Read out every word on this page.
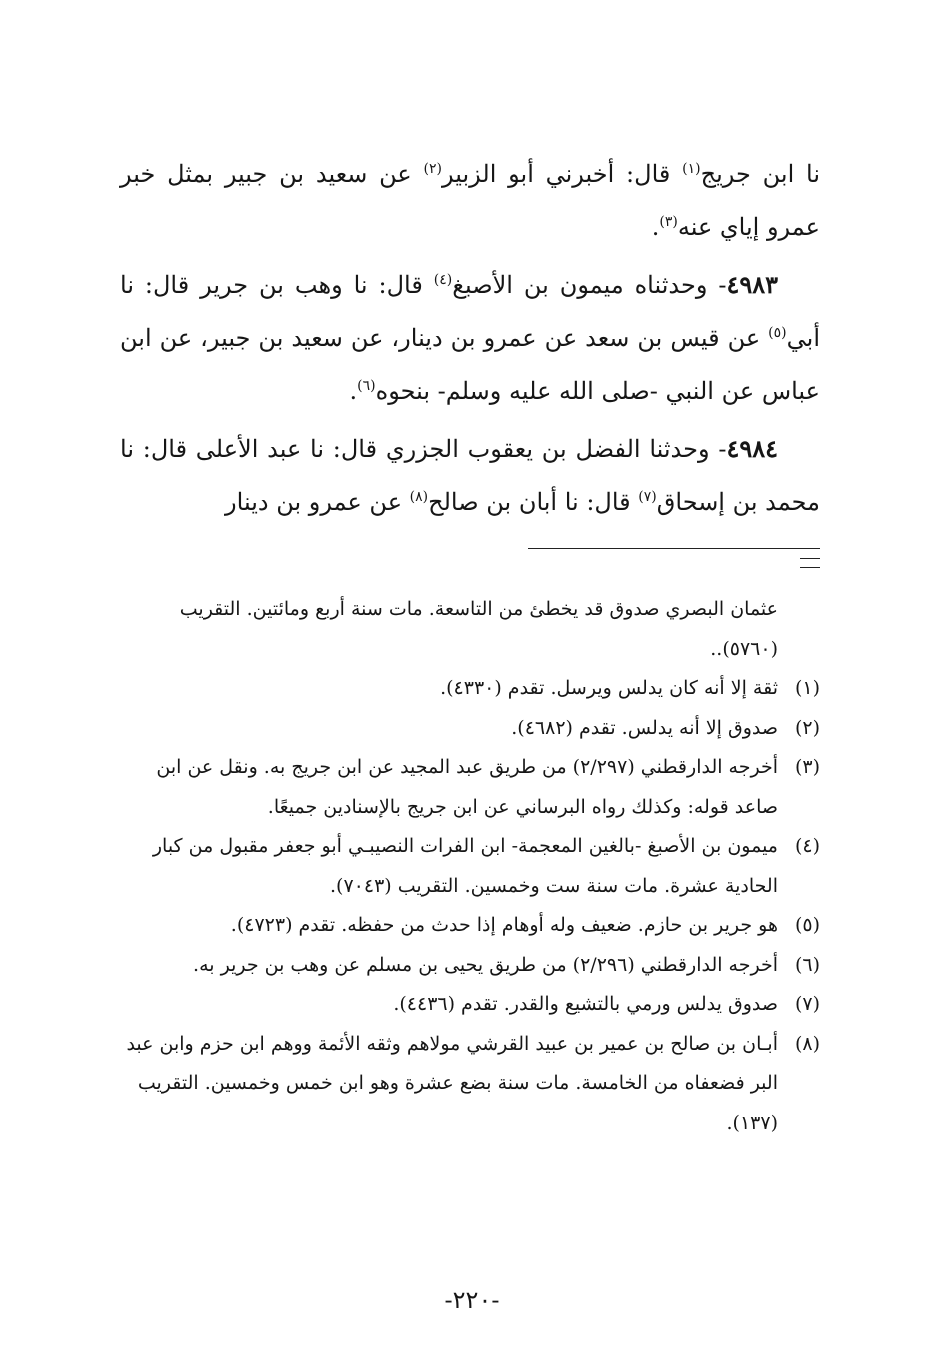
نا ابن جريج$^{(١)}$ قال: أخبرني أبو الزبير$^{(٢)}$ عن سعيد بن جبير بمثل خبر عمرو إياي عنه$^{(٣)}$.

٤٩٨٣- وحدثناه ميمون بن الأصبغ$^{(٤)}$ قال: نا وهب بن جرير قال: نا أبي$^{(٥)}$ عن قيس بن سعد عن عمرو بن دينار، عن سعيد بن جبير، عن ابن عباس عن النبي -صلى الله عليه وسلم- بنحوه$^{(٦)}$.

٤٩٨٤- وحدثنا الفضل بن يعقوب الجزري قال: نا عبد الأعلى قال: نا محمد بن إسحاق$^{(٧)}$ قال: نا أبان بن صالح$^{(٨)}$ عن عمرو بن دينار

عثمان البصري صدوق قد يخطئ من التاسعة. مات سنة أربع ومائتين. التقريب (٥٧٦٠)..
(١)ثقة إلا أنه كان يدلس ويرسل. تقدم (٤٣٣٠).
(٢)صدوق إلا أنه يدلس. تقدم (٤٦٨٢).
(٣)أخرجه الدارقطني (٢/٢٩٧) من طريق عبد المجيد عن ابن جريج به. ونقل عن ابن صاعد قوله: وكذلك رواه البرساني عن ابن جريج بالإسنادين جميعًا.
(٤)ميمون بن الأصبغ -بالغين المعجمة- ابن الفرات النصيبـي أبو جعفر مقبول من كبار الحادية عشرة. مات سنة ست وخمسين. التقريب (٧٠٤٣).
(٥)هو جرير بن حازم. ضعيف وله أوهام إذا حدث من حفظه. تقدم (٤٧٢٣).
(٦)أخرجه الدارقطني (٢/٢٩٦) من طريق يحيى بن مسلم عن وهب بن جرير به.
(٧)صدوق يدلس ورمي بالتشيع والقدر. تقدم (٤٤٣٦).
(٨)أبـان بن صالح بن عمير بن عبيد القرشي مولاهم وثقه الأئمة ووهم ابن حزم وابن عبد البر فضعفاه من الخامسة. مات سنة بضع عشرة وهو ابن خمس وخمسين. التقريب (١٣٧).
-٢٢٠-
